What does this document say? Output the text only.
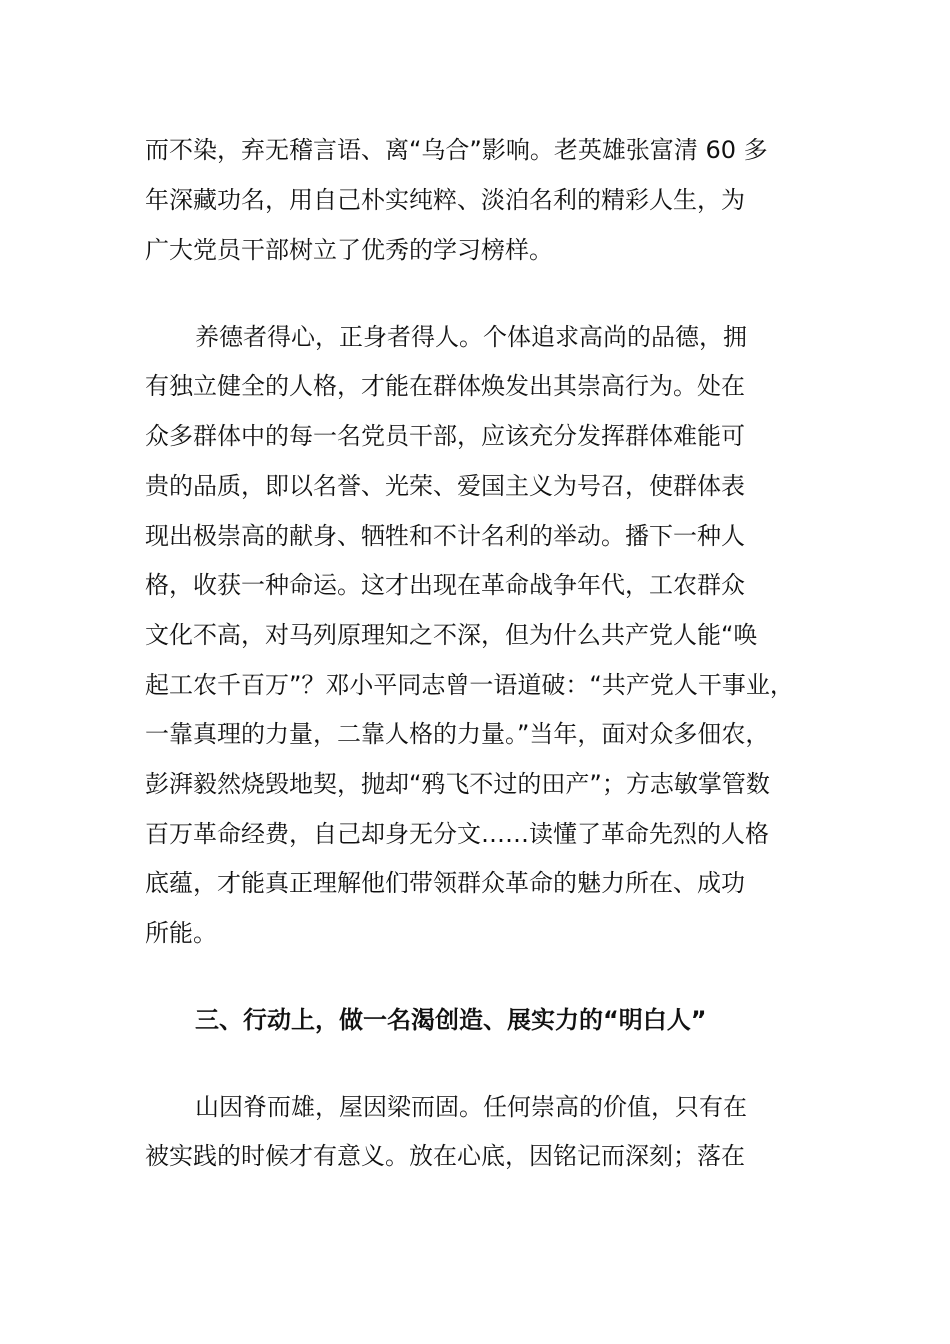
而不染，弃无稽言语、离“乌合”影响。老英雄张富清 60 多
年深藏功名，用自己朴实纯粹、淡泊名利的精彩人生，为
广大党员干部树立了优秀的学习榜样。
养德者得心，正身者得人。个体追求高尚的品德，拥
有独立健全的人格，才能在群体焕发出其崇高行为。处在
众多群体中的每一名党员干部，应该充分发挥群体难能可
贵的品质，即以名誉、光荣、爱国主义为号召，使群体表
现出极崇高的献身、牺牲和不计名利的举动。播下一种人
格，收获一种命运。这才出现在革命战争年代，工农群众
文化不高，对马列原理知之不深，但为什么共产党人能“唤
起工农千百万”？邓小平同志曾一语道破：“共产党人干事业，
一靠真理的力量，二靠人格的力量。”当年，面对众多佃农，
彭湃毅然烧毁地契，抛却“鸦飞不过的田产”；方志敏掌管数
百万革命经费，自己却身无分文……读懂了革命先烈的人格
底蕴，才能真正理解他们带领群众革命的魅力所在、成功
所能。
三、行动上，做一名渴创造、展实力的“明白人”
山因脊而雄，屋因梁而固。任何崇高的价值，只有在
被实践的时候才有意义。放在心底，因铭记而深刻；落在
